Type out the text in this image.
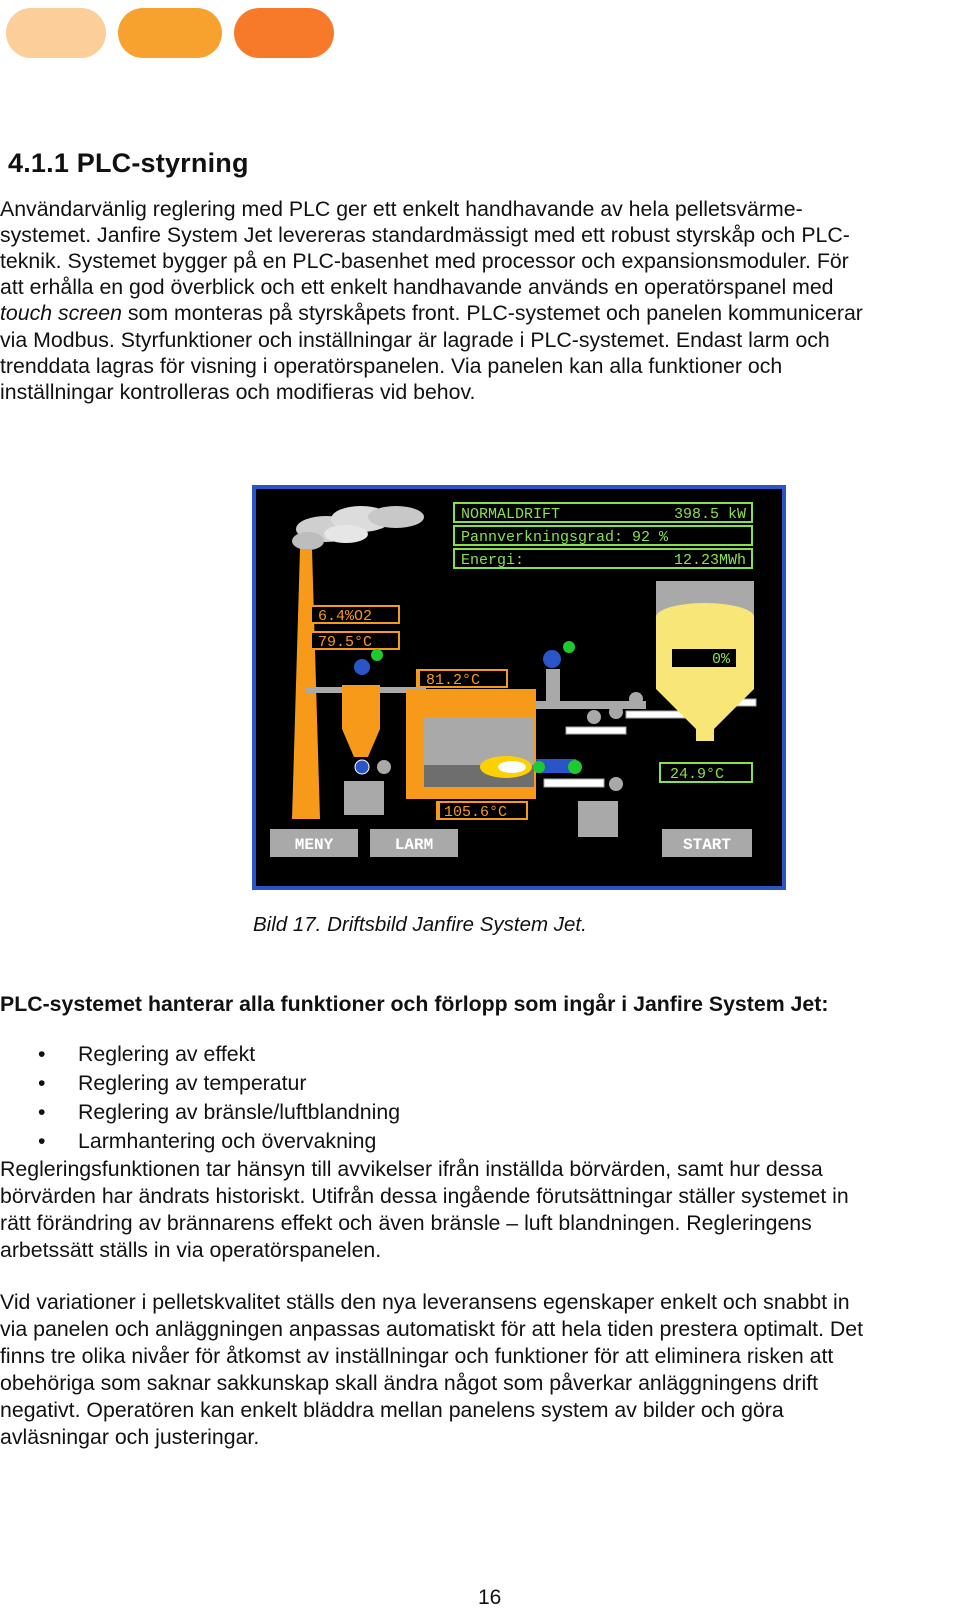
4.1.1 PLC-styrning
Användarvänlig reglering med PLC ger ett enkelt handhavande av hela pelletsvärme-
systemet. Janfire System Jet levereras standardmässigt med ett robust styrskåp och PLC-
teknik. Systemet bygger på en PLC-basenhet med processor och expansionsmoduler. För
att erhålla en god överblick och ett enkelt handhavande används en operatörspanel med
touch screen som monteras på styrskåpets front. PLC-systemet och panelen kommunicerar
via Modbus. Styrfunktioner och inställningar är lagrade i PLC-systemet. Endast larm och
trenddata lagras för visning i operatörspanelen. Via panelen kan alla funktioner och
inställningar kontrolleras och modifieras vid behov.
NORMALDRIFT	398.5 kW
Pannverkningsgrad: 92 %
Energi:	12.23MWh
6.4%O2
79.5°C
81.2°C
105.6°C
0%
24.9°C
MENY	LARM	START
Bild 17. Driftsbild Janfire System Jet.
PLC-systemet hanterar alla funktioner och förlopp som ingår i Janfire System Jet:
• Reglering av effekt
• Reglering av temperatur
• Reglering av bränsle/luftblandning
• Larmhantering och övervakning
Regleringsfunktionen tar hänsyn till avvikelser ifrån inställda börvärden, samt hur dessa
börvärden har ändrats historiskt. Utifrån dessa ingående förutsättningar ställer systemet in
rätt förändring av brännarens effekt och även bränsle – luft blandningen. Regleringens
arbetssätt ställs in via operatörspanelen.
Vid variationer i pelletskvalitet ställs den nya leveransens egenskaper enkelt och snabbt in
via panelen och anläggningen anpassas automatiskt för att hela tiden prestera optimalt. Det
finns tre olika nivåer för åtkomst av inställningar och funktioner för att eliminera risken att
obehöriga som saknar sakkunskap skall ändra något som påverkar anläggningens drift
negativt. Operatören kan enkelt bläddra mellan panelens system av bilder och göra
avläsningar och justeringar.
16
